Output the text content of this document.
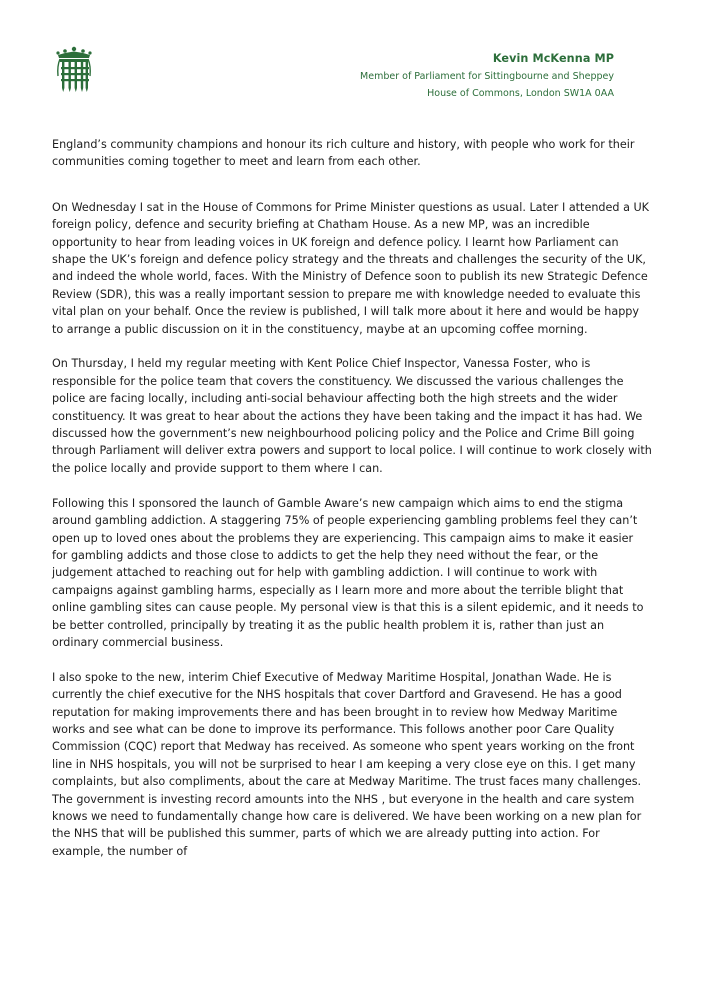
Kevin McKenna MP
Member of Parliament for Sittingbourne and Sheppey
House of Commons, London SW1A 0AA

England’s community champions and honour its rich culture and history, with people who work for their communities coming together to meet and learn from each other.

On Wednesday I sat in the House of Commons for Prime Minister questions as usual. Later I attended a UK foreign policy, defence and security briefing at Chatham House. As a new MP, was an incredible opportunity to hear from leading voices in UK foreign and defence policy. I learnt how Parliament can shape the UK’s foreign and defence policy strategy and the threats and challenges the security of the UK, and indeed the whole world, faces. With the Ministry of Defence soon to publish its new Strategic Defence Review (SDR), this was a really important session to prepare me with knowledge needed to evaluate this vital plan on your behalf. Once the review is published, I will talk more about it here and would be happy to arrange a public discussion on it in the constituency, maybe at an upcoming coffee morning.

On Thursday, I held my regular meeting with Kent Police Chief Inspector, Vanessa Foster, who is responsible for the police team that covers the constituency. We discussed the various challenges the police are facing locally, including anti-social behaviour affecting both the high streets and the wider constituency. It was great to hear about the actions they have been taking and the impact it has had. We discussed how the government’s new neighbourhood policing policy and the Police and Crime Bill going through Parliament will deliver extra powers and support to local police. I will continue to work closely with the police locally and provide support to them where I can.

Following this I sponsored the launch of Gamble Aware’s new campaign which aims to end the stigma around gambling addiction. A staggering 75% of people experiencing gambling problems feel they can’t open up to loved ones about the problems they are experiencing. This campaign aims to make it easier for gambling addicts and those close to addicts to get the help they need without the fear, or the judgement attached to reaching out for help with gambling addiction. I will continue to work with campaigns against gambling harms, especially as I learn more and more about the terrible blight that online gambling sites can cause people. My personal view is that this is a silent epidemic, and it needs to be better controlled, principally by treating it as the public health problem it is, rather than just an ordinary commercial business.

I also spoke to the new, interim Chief Executive of Medway Maritime Hospital, Jonathan Wade. He is currently the chief executive for the NHS hospitals that cover Dartford and Gravesend. He has a good reputation for making improvements there and has been brought in to review how Medway Maritime works and see what can be done to improve its performance. This follows another poor Care Quality Commission (CQC) report that Medway has received. As someone who spent years working on the front line in NHS hospitals, you will not be surprised to hear I am keeping a very close eye on this. I get many complaints, but also compliments, about the care at Medway Maritime. The trust faces many challenges. The government is investing record amounts into the NHS , but everyone in the health and care system knows we need to fundamentally change how care is delivered. We have been working on a new plan for the NHS that will be published this summer, parts of which we are already putting into action. For example, the number of
